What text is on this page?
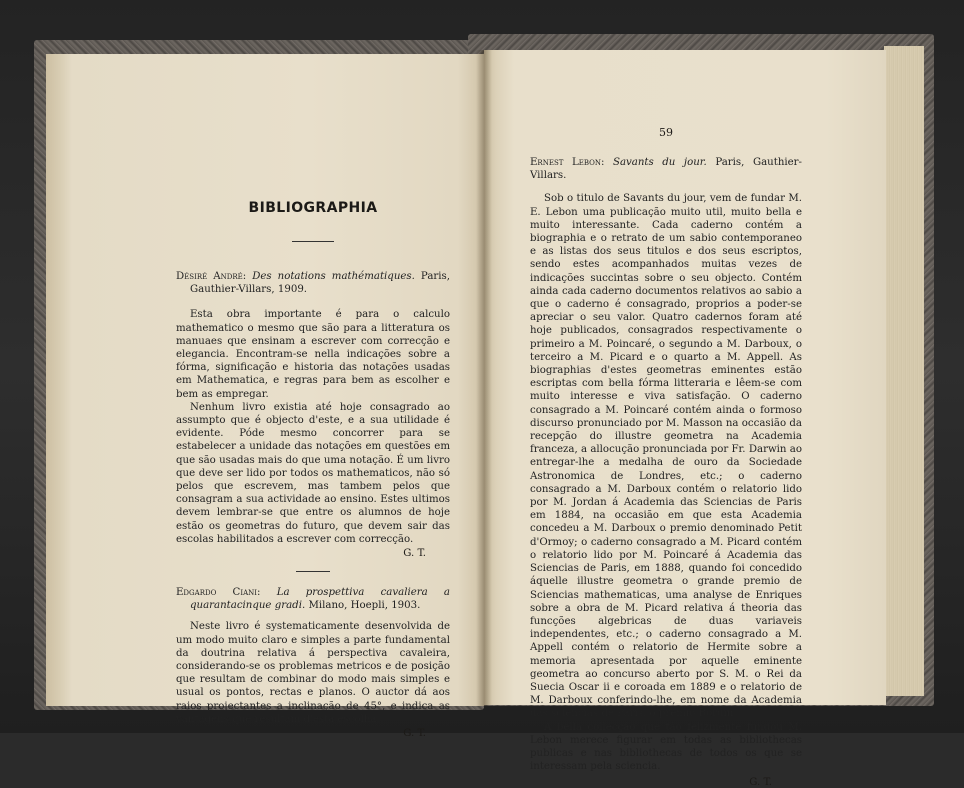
BIBLIOGRAPHIA
Désiré André: Des notations mathématiques. Paris, Gauthier-Villars, 1909.

Esta obra importante é para o calculo mathematico o mesmo que são para a litteratura os manuaes que ensinam a escrever com correcção e elegancia. Encontram-se nella indicações sobre a fórma, significação e historia das notações usadas em Mathematica, e regras para bem as escolher e bem as empregar.

Nenhum livro existia até hoje consagrado ao assumpto que é objecto d'este, e a sua utilidade é evidente. Póde mesmo concorrer para se estabelecer a unidade das notações em questões em que são usadas mais do que uma notação. É um livro que deve ser lido por todos os mathematicos, não só pelos que escrevem, mas tambem pelos que consagram a sua actividade ao ensino. Estes ultimos devem lembrar-se que entre os alumnos de hoje estão os geometras do futuro, que devem sair das escolas habilitados a escrever com correcção.

G. T.
Edgardo Ciani: La prospettiva cavaliera a quarantacinque gradi. Milano, Hoepli, 1903.

Neste livro é systematicamente desenvolvida de um modo muito claro e simples a parte fundamental da doutrina relativa á perspectiva cavaleira, considerando-se os problemas metricos e de posição que resultam de combinar do modo mais simples e usual os pontos, rectas e planos. O auctor dá aos raios projectantes a inclinação de 45°, e indica as vantagens que resultam d'esta escolha.

G. T.
59
Ernest Lebon: Savants du jour. Paris, Gauthier-Villars.

Sob o titulo de Savants du jour, vem de fundar M. E. Lebon uma publicação muito util, muito bella e muito interessante. Cada caderno contém a biographia e o retrato de um sabio contemporaneo e as listas dos seus titulos e dos seus escriptos, sendo estes acompanhados muitas vezes de indicações succintas sobre o seu objecto. Contém ainda cada caderno documentos relativos ao sabio a que o caderno é consagrado, proprios a poder-se apreciar o seu valor. Quatro cadernos foram até hoje publicados, consagrados respectivamente o primeiro a M. Poincaré, o segundo a M. Darboux, o terceiro a M. Picard e o quarto a M. Appell. As biographias d'estes geometras eminentes estão escriptas com bella fórma litteraria e lêem-se com muito interesse e viva satisfação. O caderno consagrado a M. Poincaré contém ainda o formoso discurso pronunciado por M. Masson na occasião da recepção do illustre geometra na Academia franceza, a allocução pronunciada por Fr. Darwin ao entregar-lhe a medalha de ouro da Sociedade Astronomica de Londres, etc.; o caderno consagrado a M. Darboux contém o relatorio lido por M. Jordan á Academia das Sciencias de Paris em 1884, na occasião em que esta Academia concedeu a M. Darboux o premio denominado Petit d'Ormoy; o caderno consagrado a M. Picard contém o relatorio lido por M. Poincaré á Academia das Sciencias de Paris, em 1888, quando foi concedido áquelle illustre geometra o grande premio de Sciencias mathematicas, uma analyse de Enriques sobre a obra de M. Picard relativa á theoria das funcções algebricas de duas variaveis independentes, etc.; o caderno consagrado a M. Appell contém o relatorio de Hermite sobre a memoria apresentada por aquelle eminente geometra ao concurso aberto por S. M. o Rei da Suecia Oscar ii e coroada em 1889 e o relatorio de M. Darboux conferindo-lhe, em nome da Academia das sciencias de Paris, o premio Bordin.

A bella collecção que tão felizmente fundou M. Lebon merece figurar em todas as bibliothecas publicas e nas bibliothecas de todos os que se interessam pela sciencia.

G. T.
